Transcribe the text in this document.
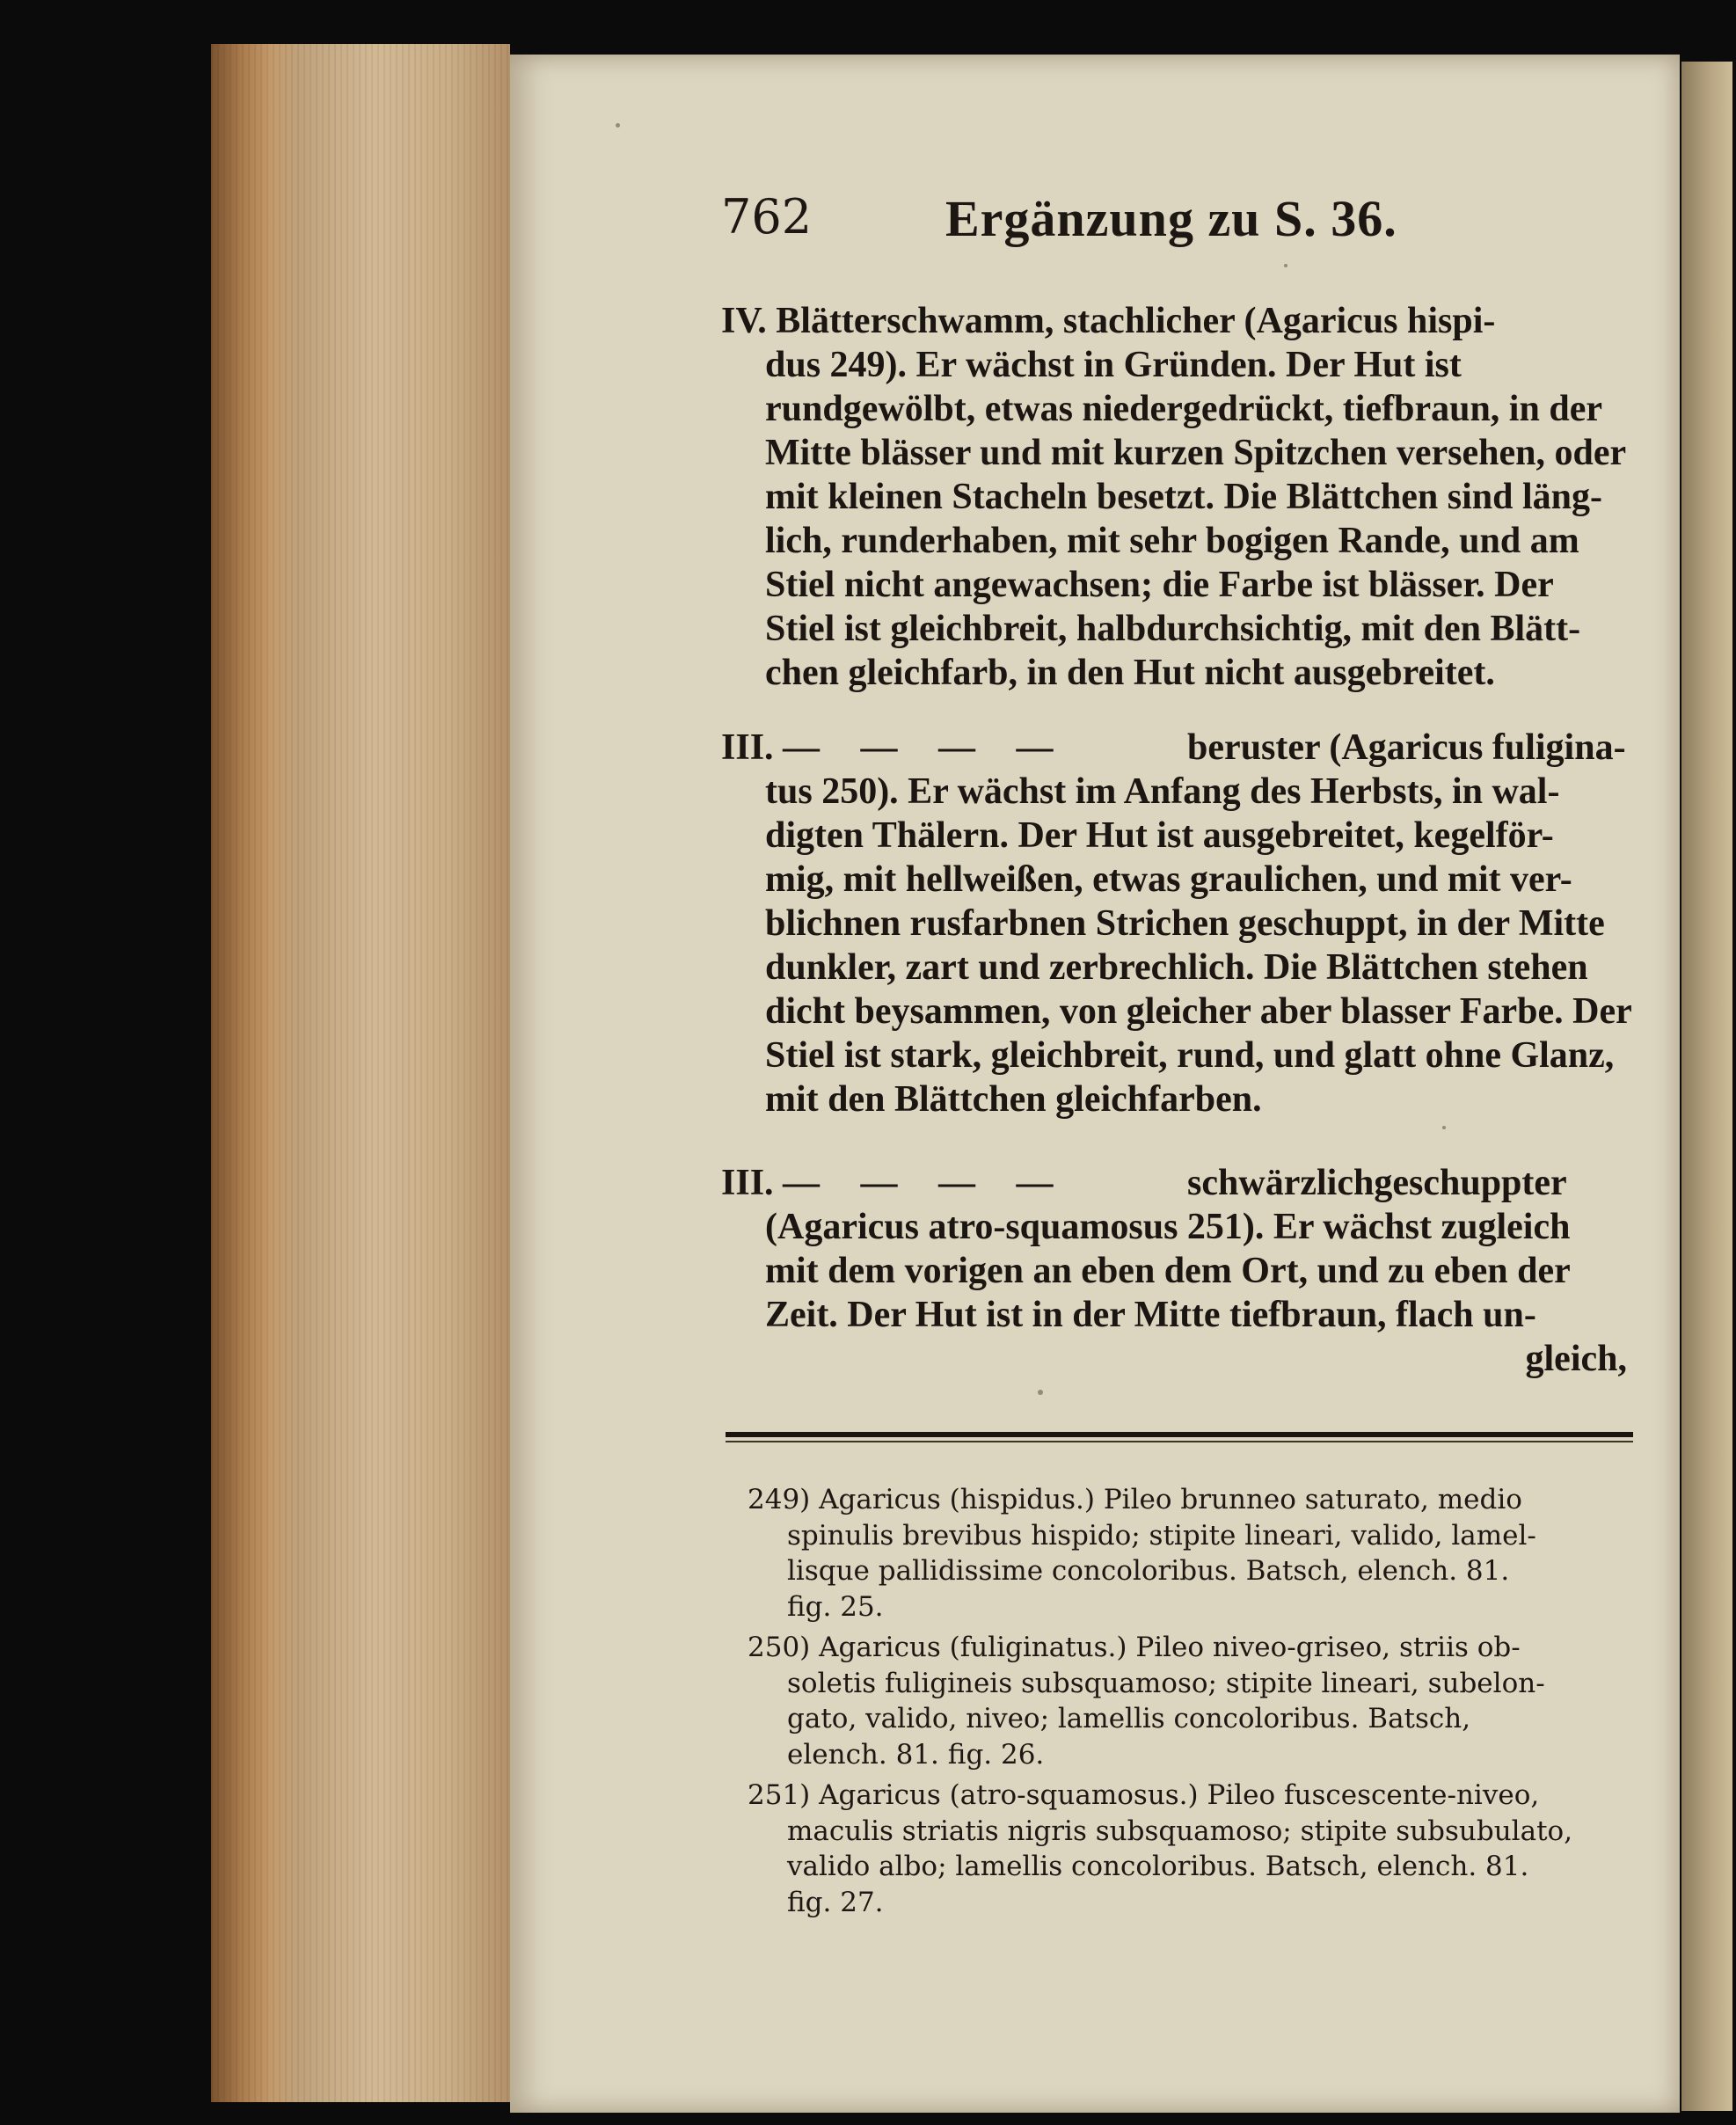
762	Ergänzung zu S. 36.
IV. Blätterschwamm, stachlicher (Agaricus hispi-
dus 249). Er wächst in Gründen. Der Hut ist
rundgewölbt, etwas niedergedrückt, tiefbraun, in der
Mitte blässer und mit kurzen Spitzchen versehen, oder
mit kleinen Stacheln besetzt. Die Blättchen sind läng-
lich, runderhaben, mit sehr bogigen Rande, und am
Stiel nicht angewachsen; die Farbe ist blässer. Der
Stiel ist gleichbreit, halbdurchsichtig, mit den Blätt-
chen gleichfarb, in den Hut nicht ausgebreitet.
III. — — — —	beruster (Agaricus fuligina-
tus 250). Er wächst im Anfang des Herbsts, in wal-
digten Thälern. Der Hut ist ausgebreitet, kegelför-
mig, mit hellweißen, etwas graulichen, und mit ver-
blichnen rusfarbnen Strichen geschuppt, in der Mitte
dunkler, zart und zerbrechlich. Die Blättchen stehen
dicht beysammen, von gleicher aber blasser Farbe. Der
Stiel ist stark, gleichbreit, rund, und glatt ohne Glanz,
mit den Blättchen gleichfarben.
III. — — — —	schwärzlichgeschuppter
(Agaricus atro-squamosus 251). Er wächst zugleich
mit dem vorigen an eben dem Ort, und zu eben der
Zeit. Der Hut ist in der Mitte tiefbraun, flach un-
gleich,
249) Agaricus (hispidus.) Pileo brunneo saturato, medio
spinulis brevibus hispido; stipite lineari, valido, lamel-
lisque pallidissime concoloribus. Batsch, elench. 81.
fig. 25.
250) Agaricus (fuliginatus.) Pileo niveo-griseo, striis ob-
soletis fuligineis subsquamoso; stipite lineari, subelon-
gato, valido, niveo; lamellis concoloribus. Batsch,
elench. 81. fig. 26.
251) Agaricus (atro-squamosus.) Pileo fuscescente-niveo,
maculis striatis nigris subsquamoso; stipite subsubulato,
valido albo; lamellis concoloribus. Batsch, elench. 81.
fig. 27.
